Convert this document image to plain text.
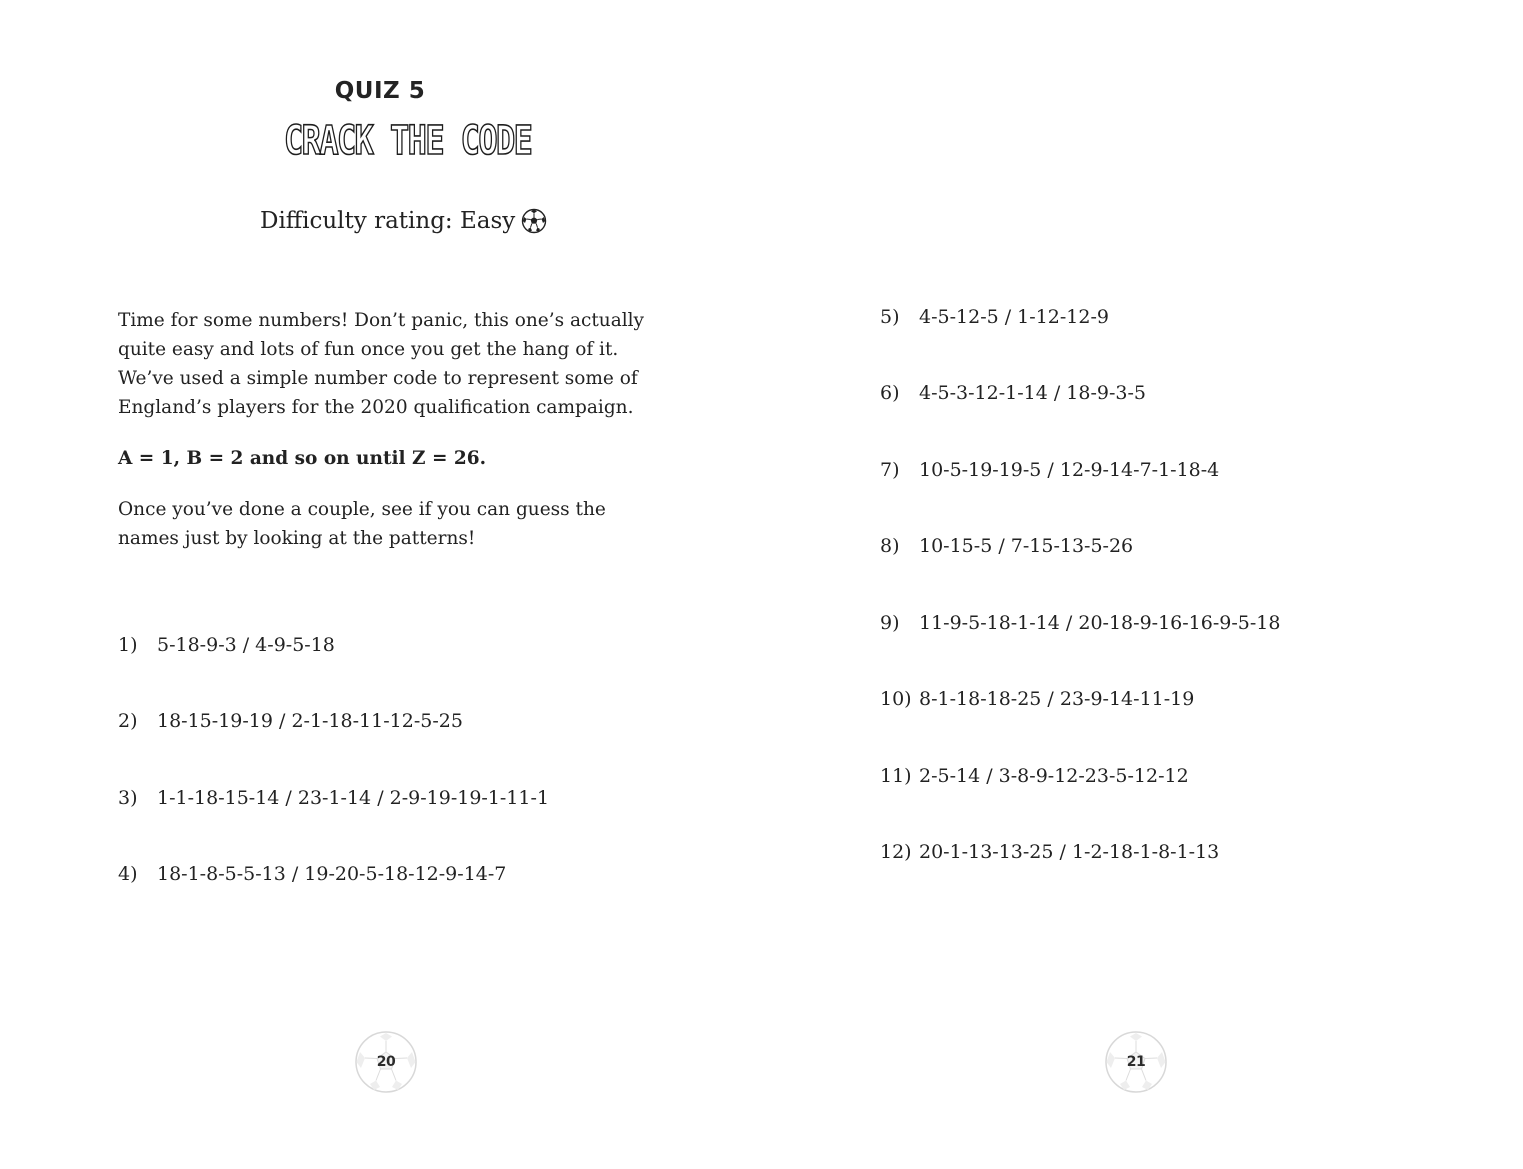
QUIZ 5
CRACK THE CODE
Difficulty rating: Easy

Time for some numbers! Don’t panic, this one’s actually quite easy and lots of fun once you get the hang of it. We’ve used a simple number code to represent some of England’s players for the 2020 qualification campaign.

A = 1, B = 2 and so on until Z = 26.

Once you’ve done a couple, see if you can guess the names just by looking at the patterns!

1)	5-18-9-3 / 4-9-5-18
2)	18-15-19-19 / 2-1-18-11-12-5-25
3)	1-1-18-15-14 / 23-1-14 / 2-9-19-19-1-11-1
4)	18-1-8-5-5-13 / 19-20-5-18-12-9-14-7
20
5)	4-5-12-5 / 1-12-12-9
6)	4-5-3-12-1-14 / 18-9-3-5
7)	10-5-19-19-5 / 12-9-14-7-1-18-4
8)	10-15-5 / 7-15-13-5-26
9)	11-9-5-18-1-14 / 20-18-9-16-16-9-5-18
10) 8-1-18-18-25 / 23-9-14-11-19
11) 2-5-14 / 3-8-9-12-23-5-12-12
12) 20-1-13-13-25 / 1-2-18-1-8-1-13
21
